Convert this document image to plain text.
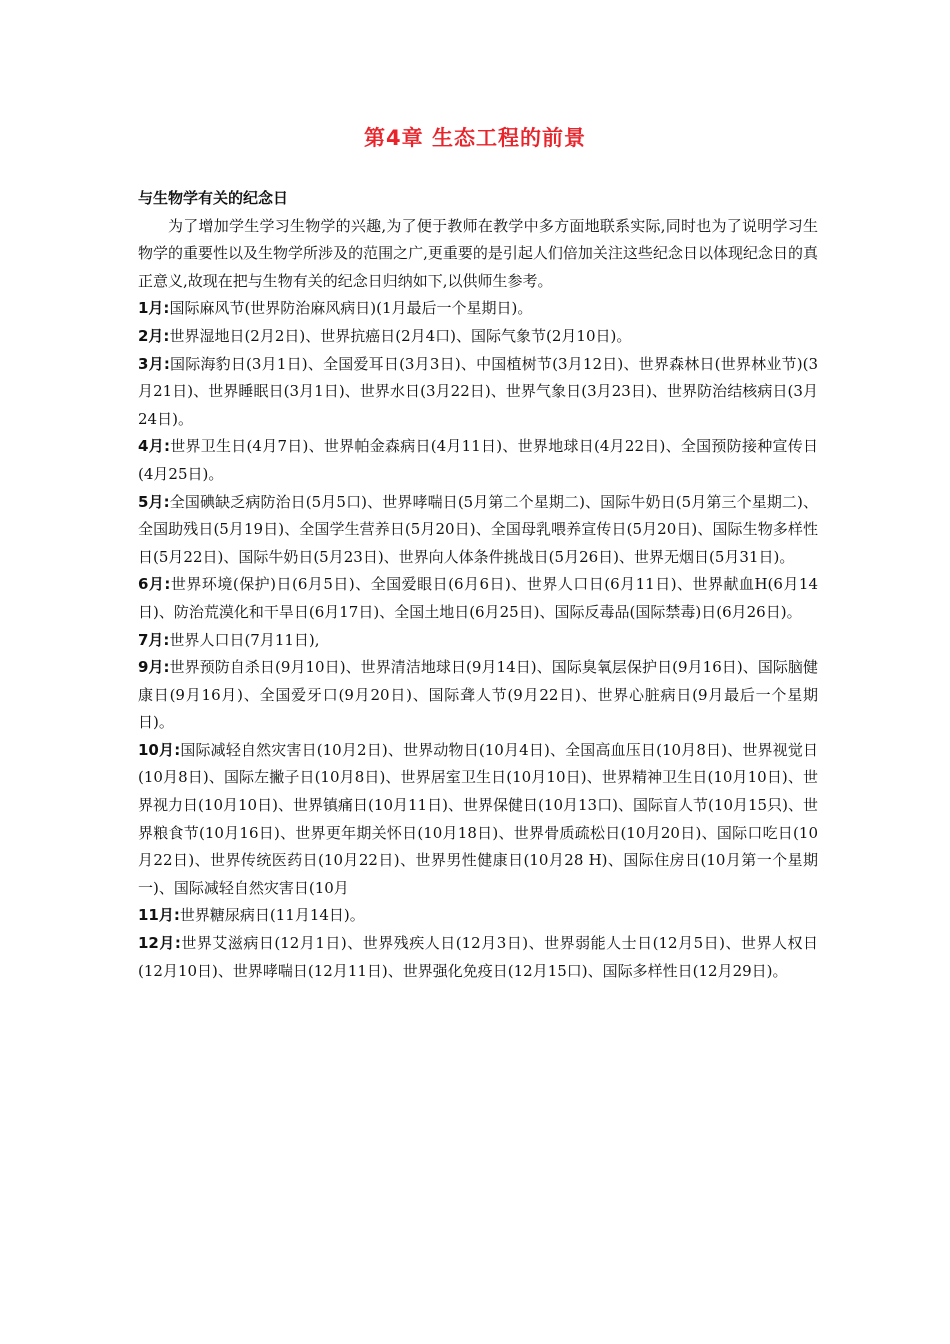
第4章 生态工程的前景

与生物学有关的纪念日

为了增加学生学习生物学的兴趣,为了便于教师在教学中多方面地联系实际,同时也为了说明学习生物学的重要性以及生物学所涉及的范围之广,更重要的是引起人们倍加关注这些纪念日以体现纪念日的真正意义,故现在把与生物有关的纪念日归纳如下,以供师生参考。

1月:国际麻风节(世界防治麻风病日)(1月最后一个星期日)。

2月:世界湿地日(2月2日)、世界抗癌日(2月4口)、国际气象节(2月10日)。

3月:国际海豹日(3月1日)、全国爱耳日(3月3日)、中国植树节(3月12日)、世界森林日(世界林业节)(3月21日)、世界睡眠日(3月1日)、世界水日(3月22日)、世界气象日(3月23日)、世界防治结核病日(3月24日)。

4月:世界卫生日(4月7日)、世界帕金森病日(4月11日)、世界地球日(4月22日)、全国预防接种宣传日(4月25日)。

5月:全国碘缺乏病防治日(5月5口)、世界哮喘日(5月第二个星期二)、国际牛奶日(5月第三个星期二)、全国助残日(5月19日)、全国学生营养日(5月20日)、全国母乳喂养宣传日(5月20日)、国际生物多样性日(5月22日)、国际牛奶日(5月23日)、世界向人体条件挑战日(5月26日)、世界无烟日(5月31日)。

6月:世界环境(保护)日(6月5日)、全国爱眼日(6月6日)、世界人口日(6月11日)、世界献血H(6月14日)、防治荒漠化和干旱日(6月17日)、全国土地日(6月25日)、国际反毒品(国际禁毒)日(6月26日)。

7月:世界人口日(7月11日),

9月:世界预防自杀日(9月10日)、世界清洁地球日(9月14日)、国际臭氧层保护日(9月16日)、国际脑健康日(9月16月)、全国爱牙口(9月20日)、国际聋人节(9月22日)、世界心脏病日(9月最后一个星期日)。

10月:国际减轻自然灾害日(10月2日)、世界动物日(10月4日)、全国高血压日(10月8日)、世界视觉日(10月8日)、国际左撇子日(10月8日)、世界居室卫生日(10月10日)、世界精神卫生日(10月10日)、世界视力日(10月10日)、世界镇痛日(10月11日)、世界保健日(10月13口)、国际盲人节(10月15只)、世界粮食节(10月16日)、世界更年期关怀日(10月18日)、世界骨质疏松日(10月20日)、国际口吃日(10月22日)、世界传统医药日(10月22日)、世界男性健康日(10月28 H)、国际住房日(10月第一个星期一)、国际减轻自然灾害日(10月

11月:世界糖尿病日(11月14日)。

12月:世界艾滋病日(12月1日)、世界残疾人日(12月3日)、世界弱能人士日(12月5日)、世界人权日(12月10日)、世界哮喘日(12月11日)、世界强化免疫日(12月15口)、国际多样性日(12月29日)。
